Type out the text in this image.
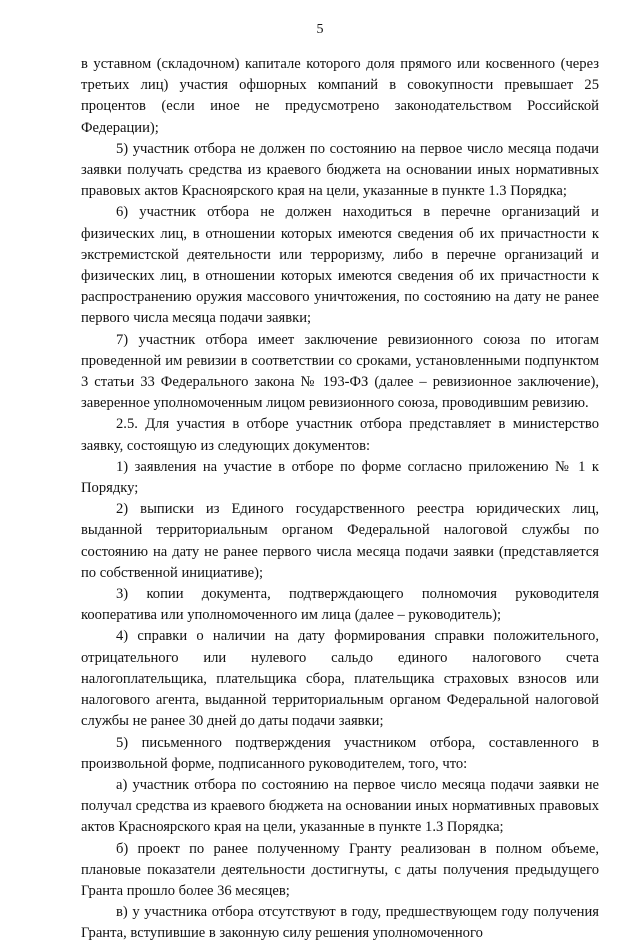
5

в уставном (складочном) капитале которого доля прямого или косвенного (через третьих лиц) участия офшорных компаний в совокупности превышает 25 процентов (если иное не предусмотрено законодательством Российской Федерации);

5) участник отбора не должен по состоянию на первое число месяца подачи заявки получать средства из краевого бюджета на основании иных нормативных правовых актов Красноярского края на цели, указанные в пункте 1.3 Порядка;

6) участник отбора не должен находиться в перечне организаций и физических лиц, в отношении которых имеются сведения об их причастности к экстремистской деятельности или терроризму, либо в перечне организаций и физических лиц, в отношении которых имеются сведения об их причастности к распространению оружия массового уничтожения, по состоянию на дату не ранее первого числа месяца подачи заявки;

7) участник отбора имеет заключение ревизионного союза по итогам проведенной им ревизии в соответствии со сроками, установленными подпунктом 3 статьи 33 Федерального закона № 193-ФЗ (далее – ревизионное заключение), заверенное уполномоченным лицом ревизионного союза, проводившим ревизию.

2.5. Для участия в отборе участник отбора представляет в министерство заявку, состоящую из следующих документов:

1) заявления на участие в отборе по форме согласно приложению № 1 к Порядку;

2) выписки из Единого государственного реестра юридических лиц, выданной территориальным органом Федеральной налоговой службы по состоянию на дату не ранее первого числа месяца подачи заявки (представляется по собственной инициативе);

3) копии документа, подтверждающего полномочия руководителя кооператива или уполномоченного им лица (далее – руководитель);

4) справки о наличии на дату формирования справки положительного, отрицательного или нулевого сальдо единого налогового счета налогоплательщика, плательщика сбора, плательщика страховых взносов или налогового агента, выданной территориальным органом Федеральной налоговой службы не ранее 30 дней до даты подачи заявки;

5) письменного подтверждения участником отбора, составленного в произвольной форме, подписанного руководителем, того, что:

а) участник отбора по состоянию на первое число месяца подачи заявки не получал средства из краевого бюджета на основании иных нормативных правовых актов Красноярского края на цели, указанные в пункте 1.3 Порядка;

б) проект по ранее полученному Гранту реализован в полном объеме, плановые показатели деятельности достигнуты, с даты получения предыдущего Гранта прошло более 36 месяцев;

в) у участника отбора отсутствуют в году, предшествующем году получения Гранта, вступившие в законную силу решения уполномоченного
